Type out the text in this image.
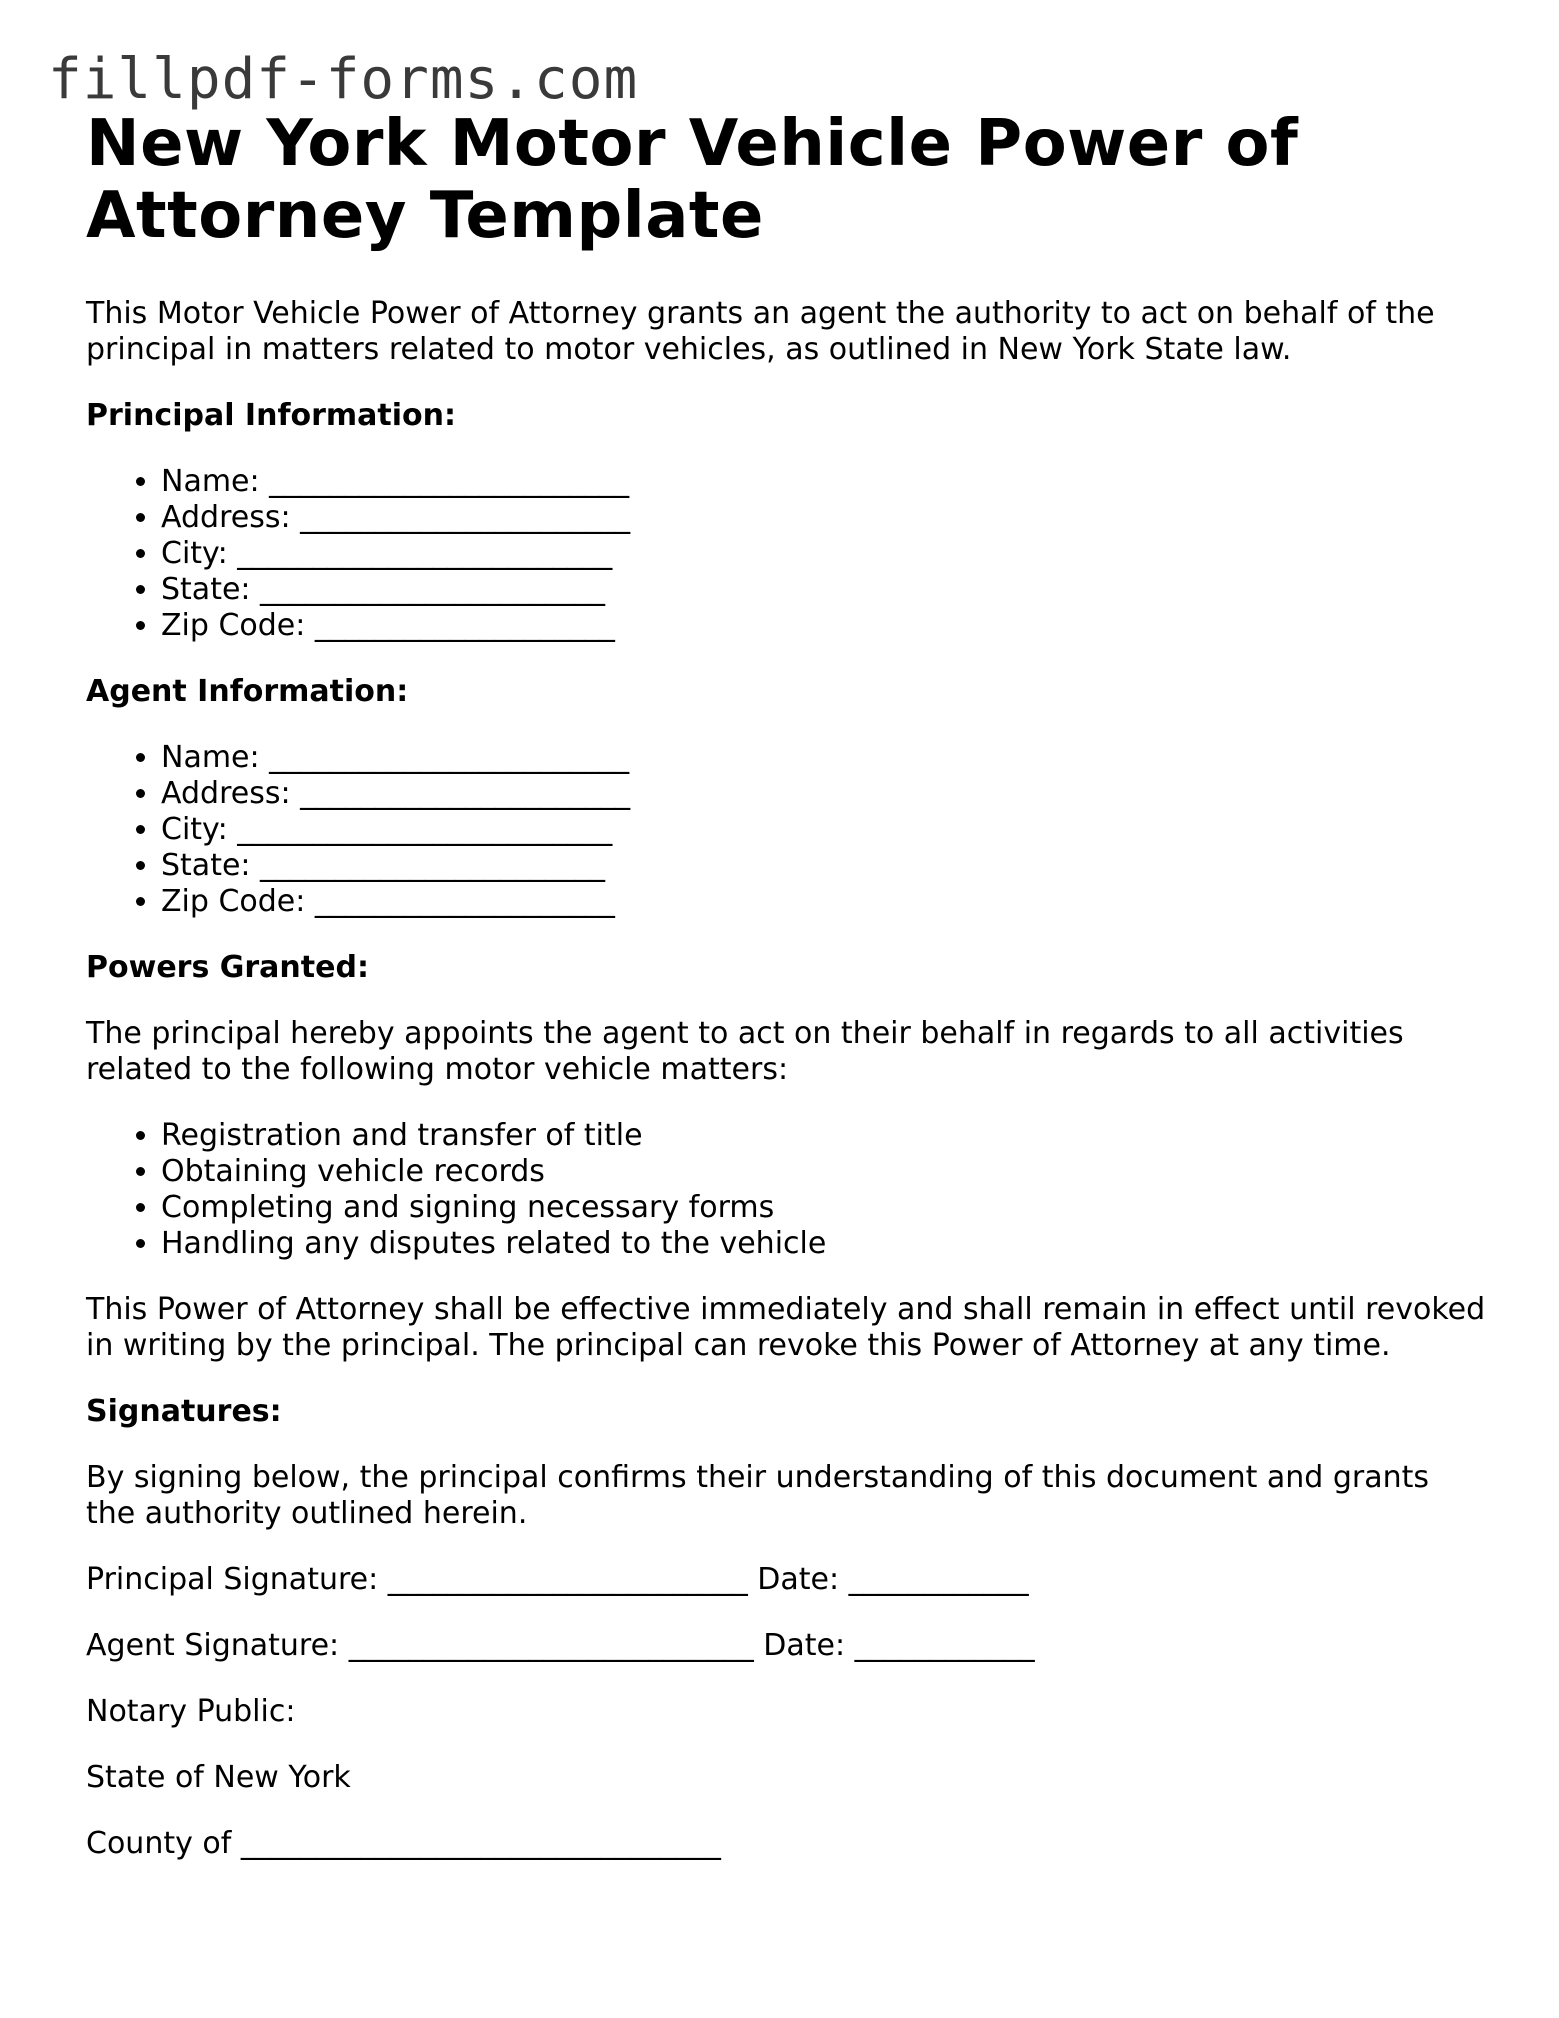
fillpdf-forms.com
New York Motor Vehicle Power of Attorney Template

This Motor Vehicle Power of Attorney grants an agent the authority to act on behalf of the principal in matters related to motor vehicles, as outlined in New York State law.

Principal Information:
• Name: ________________________
• Address: ______________________
• City: _________________________
• State: _______________________
• Zip Code: ____________________
Agent Information:
• Name: ________________________
• Address: ______________________
• City: _________________________
• State: _______________________
• Zip Code: ____________________
Powers Granted:

The principal hereby appoints the agent to act on their behalf in regards to all activities related to the following motor vehicle matters:

• Registration and transfer of title
• Obtaining vehicle records
• Completing and signing necessary forms
• Handling any disputes related to the vehicle

This Power of Attorney shall be effective immediately and shall remain in effect until revoked in writing by the principal. The principal can revoke this Power of Attorney at any time.

Signatures:

By signing below, the principal confirms their understanding of this document and grants the authority outlined herein.

Principal Signature: ________________________ Date: ____________
Agent Signature: ___________________________ Date: ____________
Notary Public:
State of New York
County of ________________________________
